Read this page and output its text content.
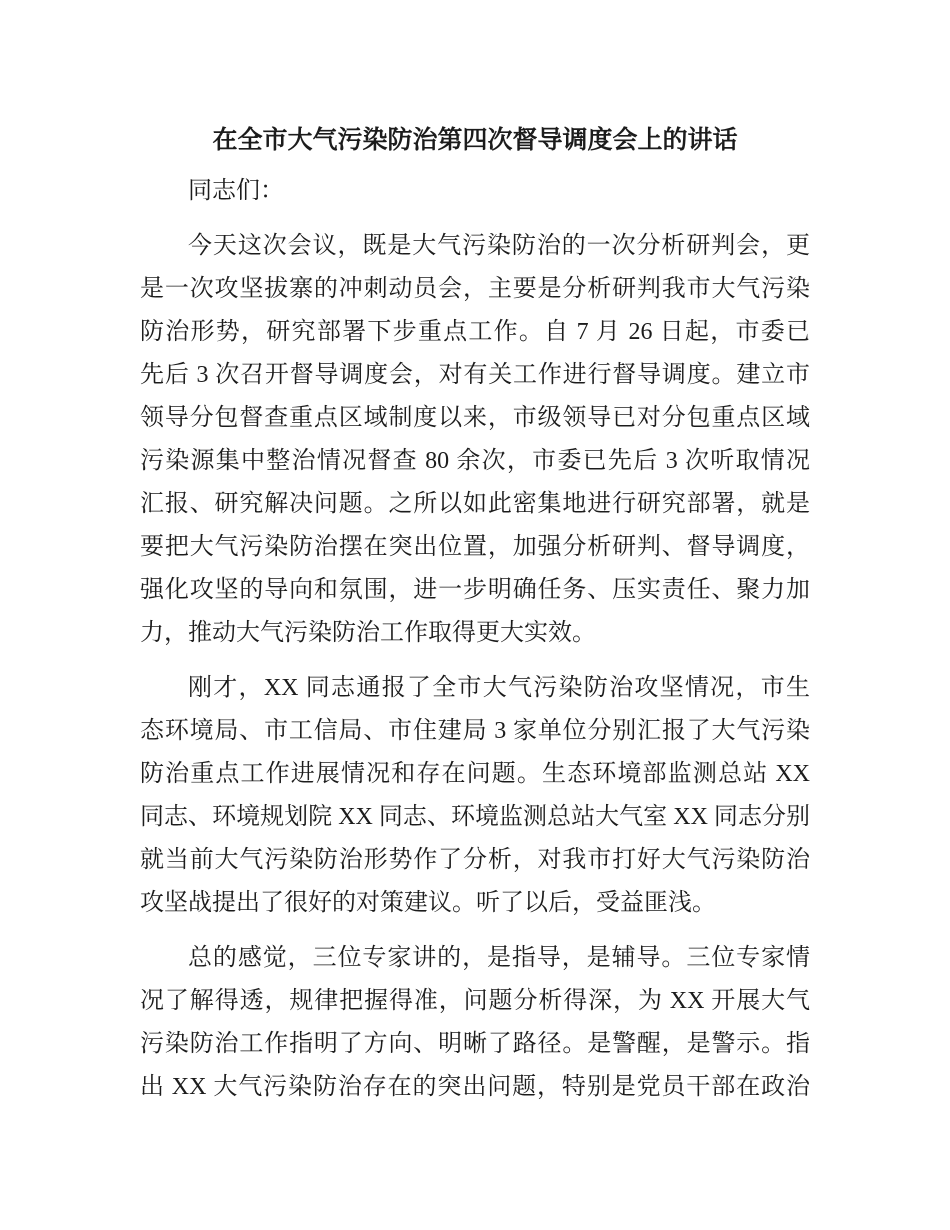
在全市大气污染防治第四次督导调度会上的讲话
同志们：
今天这次会议，既是大气污染防治的一次分析研判会，更
是一次攻坚拔寨的冲刺动员会，主要是分析研判我市大气污染
防治形势，研究部署下步重点工作。自 7 月 26 日起，市委已
先后 3 次召开督导调度会，对有关工作进行督导调度。建立市
领导分包督查重点区域制度以来，市级领导已对分包重点区域
污染源集中整治情况督查 80 余次，市委已先后 3 次听取情况
汇报、研究解决问题。之所以如此密集地进行研究部署，就是
要把大气污染防治摆在突出位置，加强分析研判、督导调度，
强化攻坚的导向和氛围，进一步明确任务、压实责任、聚力加
力，推动大气污染防治工作取得更大实效。
刚才，XX 同志通报了全市大气污染防治攻坚情况，市生
态环境局、市工信局、市住建局 3 家单位分别汇报了大气污染
防治重点工作进展情况和存在问题。生态环境部监测总站 XX
同志、环境规划院 XX 同志、环境监测总站大气室 XX 同志分别
就当前大气污染防治形势作了分析，对我市打好大气污染防治
攻坚战提出了很好的对策建议。听了以后，受益匪浅。
总的感觉，三位专家讲的，是指导，是辅导。三位专家情
况了解得透，规律把握得准，问题分析得深，为 XX 开展大气
污染防治工作指明了方向、明晰了路径。是警醒，是警示。指
出 XX 大气污染防治存在的突出问题，特别是党员干部在政治
